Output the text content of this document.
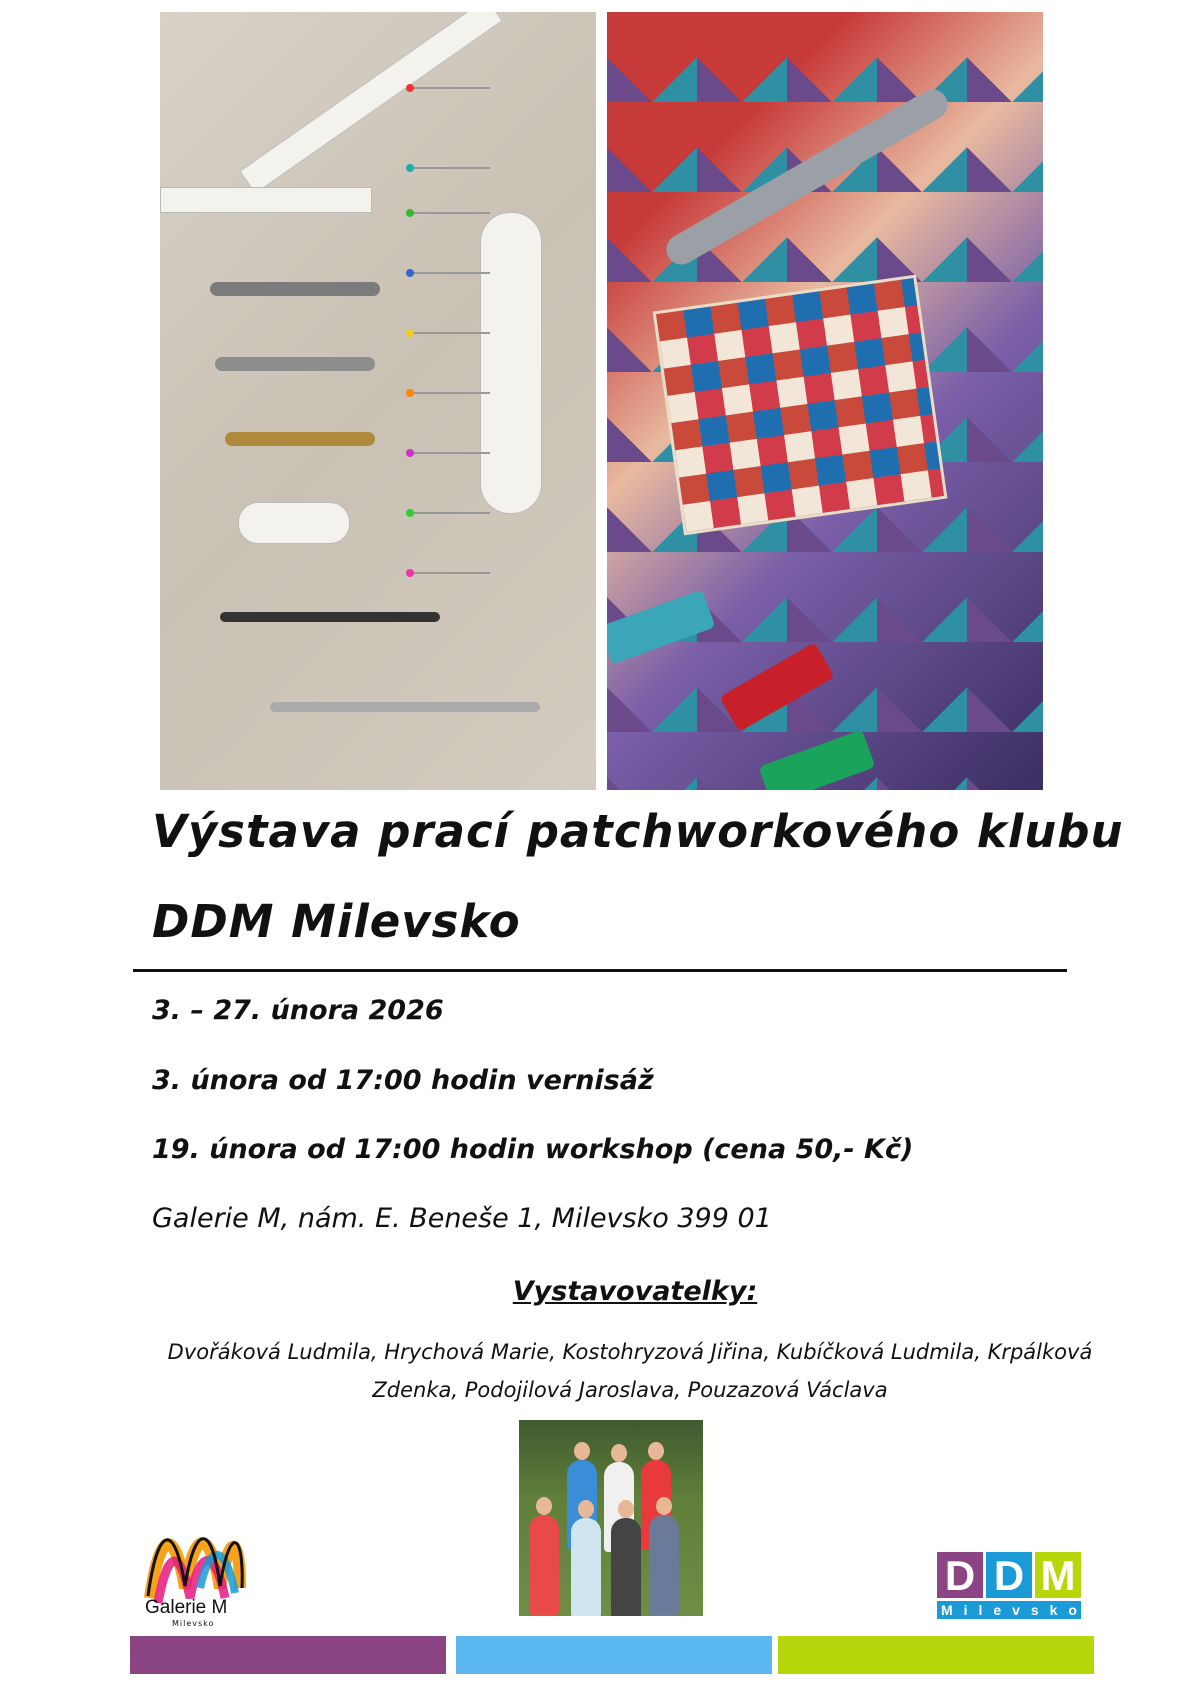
Výstava prací patchworkového klubu
DDM Milevsko
3. – 27. února 2026
3. února od 17:00 hodin vernisáž
19. února od 17:00 hodin workshop (cena 50,- Kč)
Galerie M, nám. E. Beneše 1, Milevsko 399 01
Vystavovatelky:
Dvořáková Ludmila, Hrychová Marie, Kostohryzová Jiřina, Kubíčková Ludmila, Krpálková
Zdenka, Podojilová Jaroslava, Pouzazová Václava
Galerie M
Milevsko
D D M
M i l e v s k o
